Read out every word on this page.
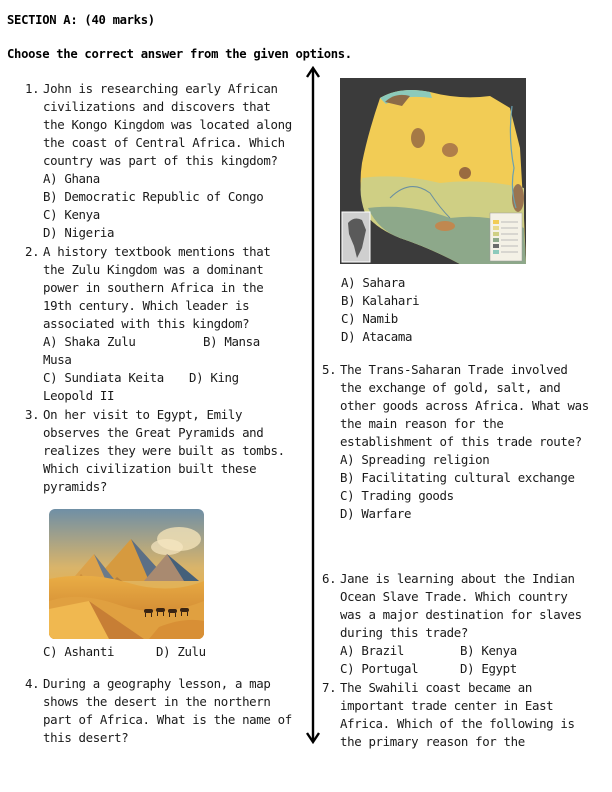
SECTION A: (40 marks)
Choose the correct answer from the given options.
1. John is researching early African
civilizations and discovers that
the Kongo Kingdom was located along
the coast of Central Africa. Which
country was part of this kingdom?
A) Ghana
B) Democratic Republic of Congo
C) Kenya
D) Nigeria
2. A history textbook mentions that
the Zulu Kingdom was a dominant
power in southern Africa in the
19th century. Which leader is
associated with this kingdom?
A) Shaka Zulu	B) Mansa
Musa
C) Sundiata Keita	D) King
Leopold II
3. On her visit to Egypt, Emily
observes the Great Pyramids and
realizes they were built as tombs.
Which civilization built these
pyramids?
C) Ashanti	D) Zulu
4. During a geography lesson, a map
shows the desert in the northern
part of Africa. What is the name of
this desert?
A) Sahara
B) Kalahari
C) Namib
D) Atacama
5. The Trans-Saharan Trade involved
the exchange of gold, salt, and
other goods across Africa. What was
the main reason for the
establishment of this trade route?
A) Spreading religion
B) Facilitating cultural exchange
C) Trading goods
D) Warfare
6. Jane is learning about the Indian
Ocean Slave Trade. Which country
was a major destination for slaves
during this trade?
A) Brazil	B) Kenya
C) Portugal	D) Egypt
7. The Swahili coast became an
important trade center in East
Africa. Which of the following is
the primary reason for the
